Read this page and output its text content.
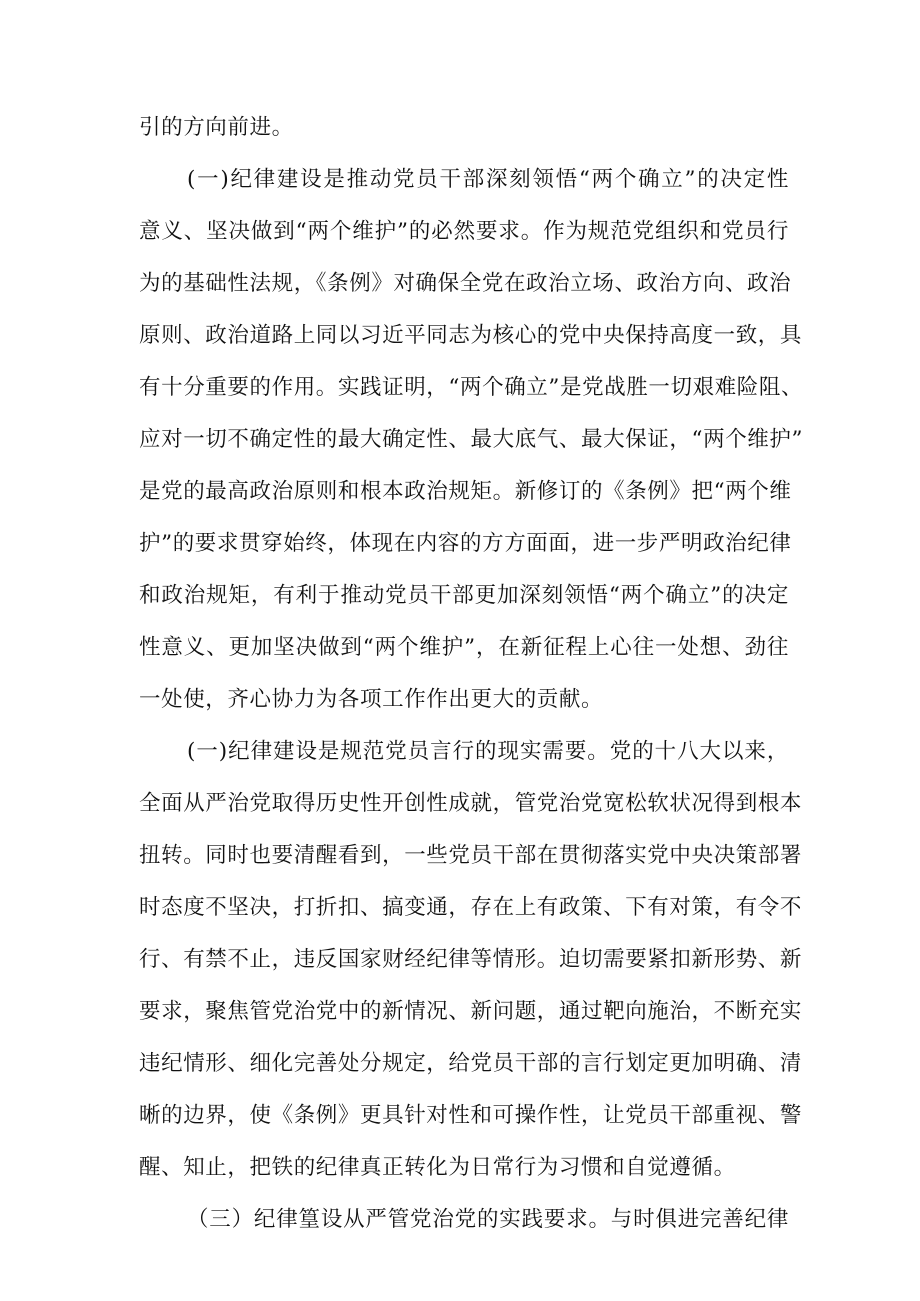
引的方向前进。
(一)纪律建设是推动党员干部深刻领悟“两个确立”的决定性
意义、坚决做到“两个维护”的必然要求。作为规范党组织和党员行
为的基础性法规，《条例》对确保全党在政治立场、政治方向、政治
原则、政治道路上同以习近平同志为核心的党中央保持高度一致，具
有十分重要的作用。实践证明，“两个确立”是党战胜一切艰难险阻、
应对一切不确定性的最大确定性、最大底气、最大保证，“两个维护”
是党的最高政治原则和根本政治规矩。新修订的《条例》把“两个维
护”的要求贯穿始终，体现在内容的方方面面，进一步严明政治纪律
和政治规矩，有利于推动党员干部更加深刻领悟“两个确立”的决定
性意义、更加坚决做到“两个维护”，在新征程上心往一处想、劲往
一处使，齐心协力为各项工作作出更大的贡献。
(一)纪律建设是规范党员言行的现实需要。党的十八大以来，
全面从严治党取得历史性开创性成就，管党治党宽松软状况得到根本
扭转。同时也要清醒看到，一些党员干部在贯彻落实党中央决策部署
时态度不坚决，打折扣、搞变通，存在上有政策、下有对策，有令不
行、有禁不止，违反国家财经纪律等情形。迫切需要紧扣新形势、新
要求，聚焦管党治党中的新情况、新问题，通过靶向施治，不断充实
违纪情形、细化完善处分规定，给党员干部的言行划定更加明确、清
晰的边界，使《条例》更具针对性和可操作性，让党员干部重视、警
醒、知止，把铁的纪律真正转化为日常行为习惯和自觉遵循。
（三）纪律篁设从严管党治党的实践要求。与时俱进完善纪律
